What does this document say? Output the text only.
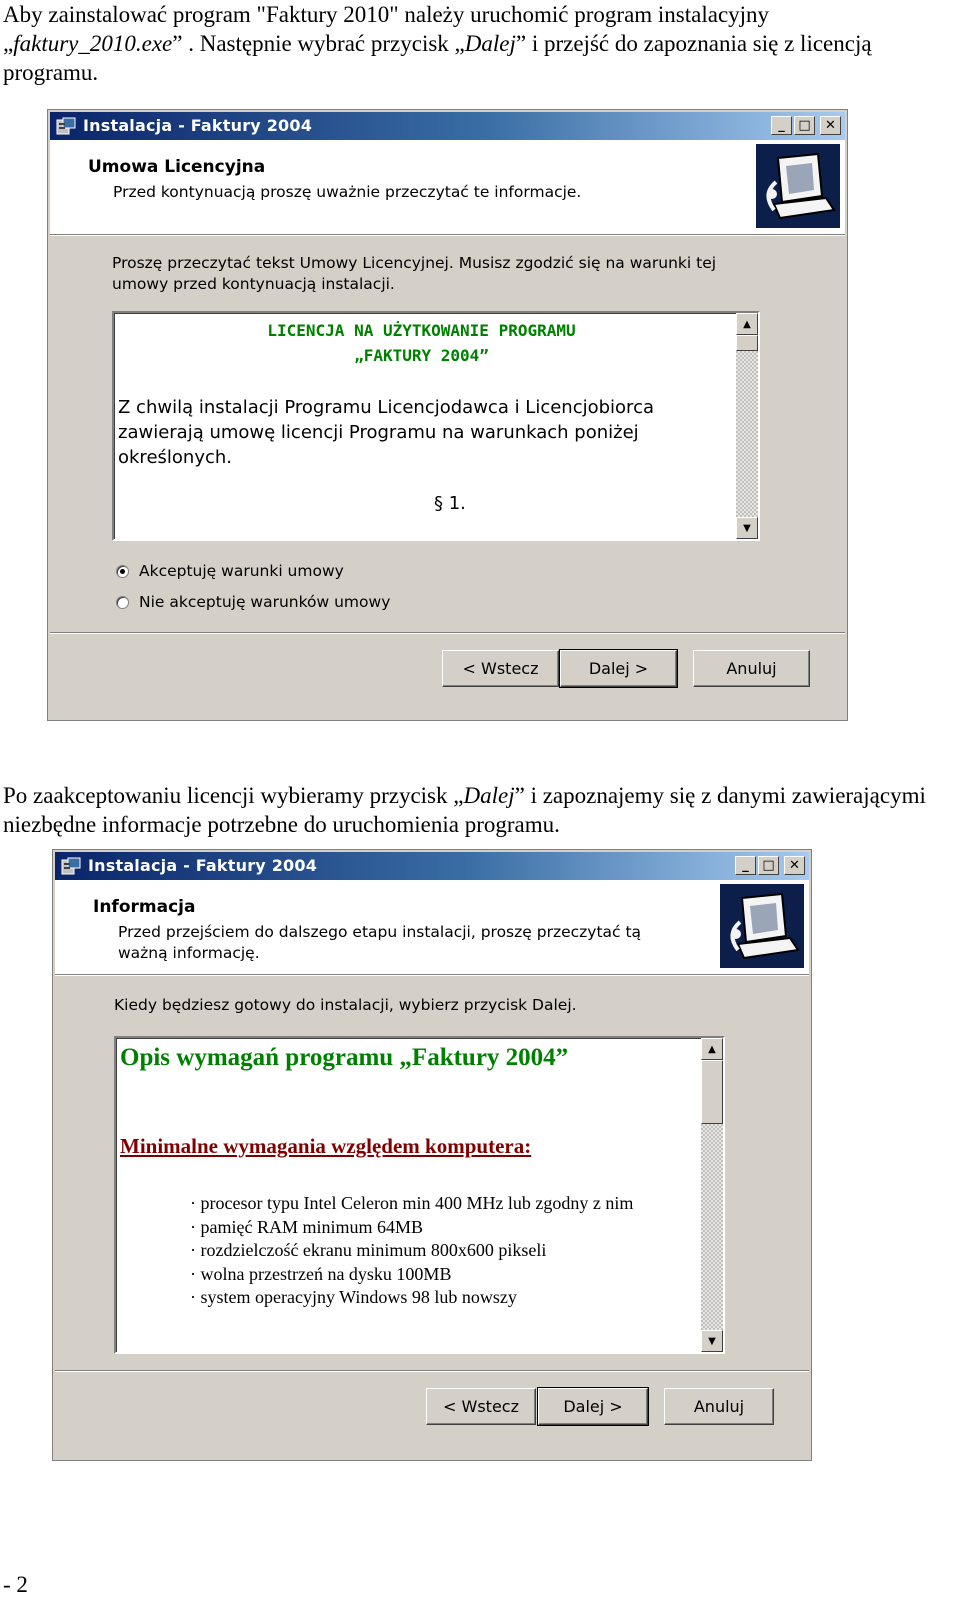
Aby zainstalować program "Faktury 2010" należy uruchomić program instalacyjny
„faktury_2010.exe” . Następnie wybrać przycisk „Dalej” i przejść do zapoznania się z licencją programu.

Instalacja - Faktury 2004	_ □ ✕
Umowa Licencyjna
Przed kontynuacją proszę uważnie przeczytać te informacje.
Proszę przeczytać tekst Umowy Licencyjnej. Musisz zgodzić się na warunki tej umowy przed kontynuacją instalacji.
LICENCJA NA UŻYTKOWANIE PROGRAMU
„FAKTURY 2004”
Z chwilą instalacji Programu Licencjodawca i Licencjobiorca zawierają umowę licencji Programu na warunkach poniżej określonych.
§ 1.
▲
▼
Akceptuję warunki umowy
Nie akceptuję warunków umowy
< Wstecz	Dalej >	Anuluj

Po zaakceptowaniu licencji wybieramy przycisk „Dalej” i zapoznajemy się z danymi zawierającymi niezbędne informacje potrzebne do uruchomienia programu.

Instalacja - Faktury 2004	_ □ ✕
Informacja
Przed przejściem do dalszego etapu instalacji, proszę przeczytać tą ważną informację.
Kiedy będziesz gotowy do instalacji, wybierz przycisk Dalej.
Opis wymagań programu „Faktury 2004”
Minimalne wymagania względem komputera:
· procesor typu Intel Celeron min 400 MHz lub zgodny z nim
· pamięć RAM minimum 64MB
· rozdzielczość ekranu minimum 800x600 pikseli
· wolna przestrzeń na dysku 100MB
· system operacyjny Windows 98 lub nowszy
▲
▼
< Wstecz	Dalej >	Anuluj
- 2
